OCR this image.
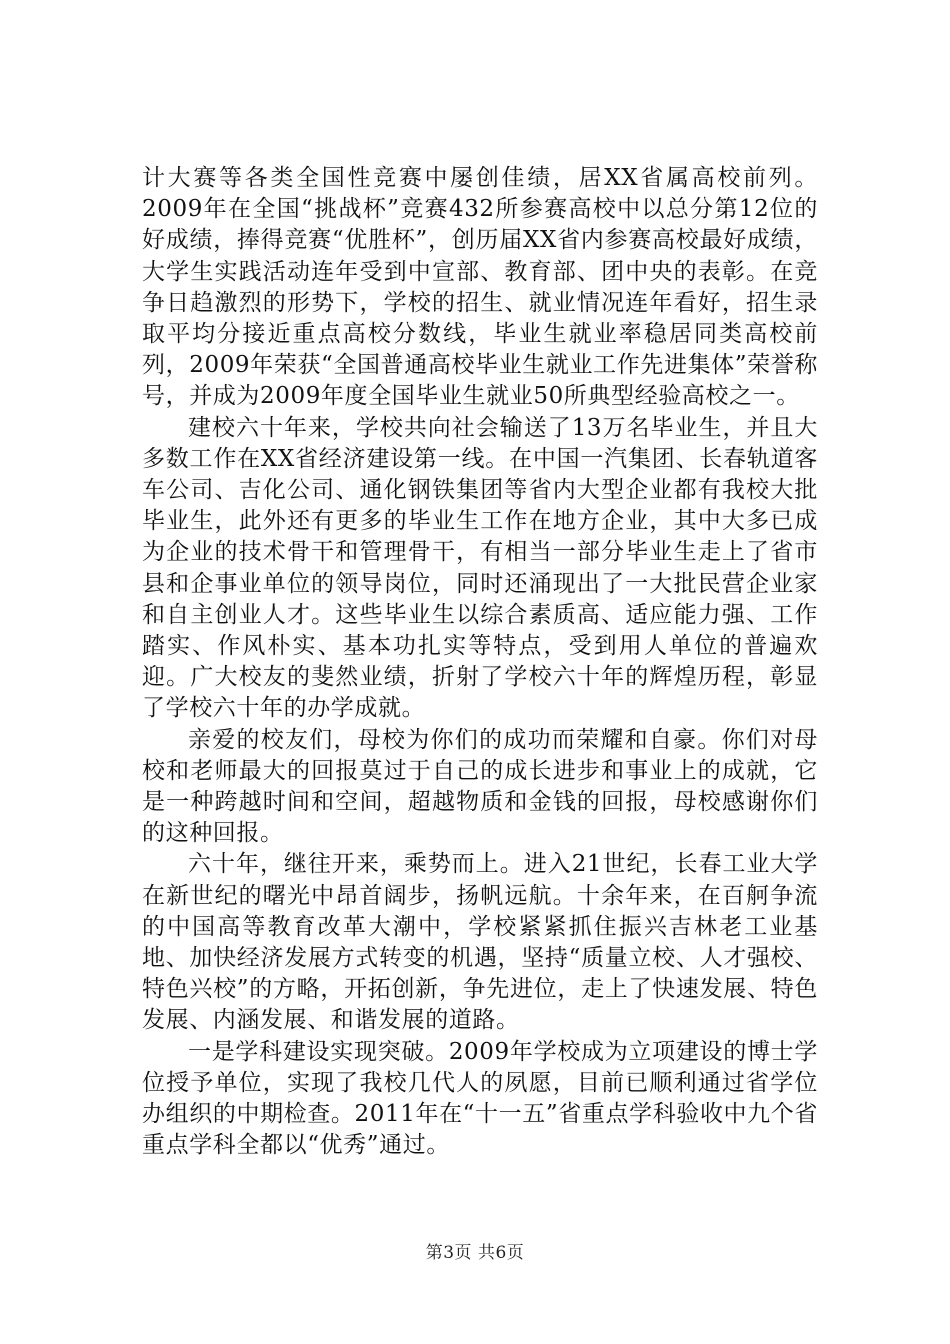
计大赛等各类全国性竞赛中屡创佳绩，居XX省属高校前列。2009年在全国“挑战杯”竞赛432所参赛高校中以总分第12位的好成绩，捧得竞赛“优胜杯”，创历届XX省内参赛高校最好成绩，大学生实践活动连年受到中宣部、教育部、团中央的表彰。在竞争日趋激烈的形势下，学校的招生、就业情况连年看好，招生录取平均分接近重点高校分数线，毕业生就业率稳居同类高校前列，2009年荣获“全国普通高校毕业生就业工作先进集体”荣誉称号，并成为2009年度全国毕业生就业50所典型经验高校之一。

建校六十年来，学校共向社会输送了13万名毕业生，并且大多数工作在XX省经济建设第一线。在中国一汽集团、长春轨道客车公司、吉化公司、通化钢铁集团等省内大型企业都有我校大批毕业生，此外还有更多的毕业生工作在地方企业，其中大多已成为企业的技术骨干和管理骨干，有相当一部分毕业生走上了省市县和企事业单位的领导岗位，同时还涌现出了一大批民营企业家和自主创业人才。这些毕业生以综合素质高、适应能力强、工作踏实、作风朴实、基本功扎实等特点，受到用人单位的普遍欢迎。广大校友的斐然业绩，折射了学校六十年的辉煌历程，彰显了学校六十年的办学成就。

亲爱的校友们，母校为你们的成功而荣耀和自豪。你们对母校和老师最大的回报莫过于自己的成长进步和事业上的成就，它是一种跨越时间和空间，超越物质和金钱的回报，母校感谢你们的这种回报。

六十年，继往开来，乘势而上。进入21世纪，长春工业大学在新世纪的曙光中昂首阔步，扬帆远航。十余年来，在百舸争流的中国高等教育改革大潮中，学校紧紧抓住振兴吉林老工业基地、加快经济发展方式转变的机遇，坚持“质量立校、人才强校、特色兴校”的方略，开拓创新，争先进位，走上了快速发展、特色发展、内涵发展、和谐发展的道路。

一是学科建设实现突破。2009年学校成为立项建设的博士学位授予单位，实现了我校几代人的夙愿，目前已顺利通过省学位办组织的中期检查。2011年在“十一五”省重点学科验收中九个省重点学科全都以“优秀”通过。

第3页 共6页
